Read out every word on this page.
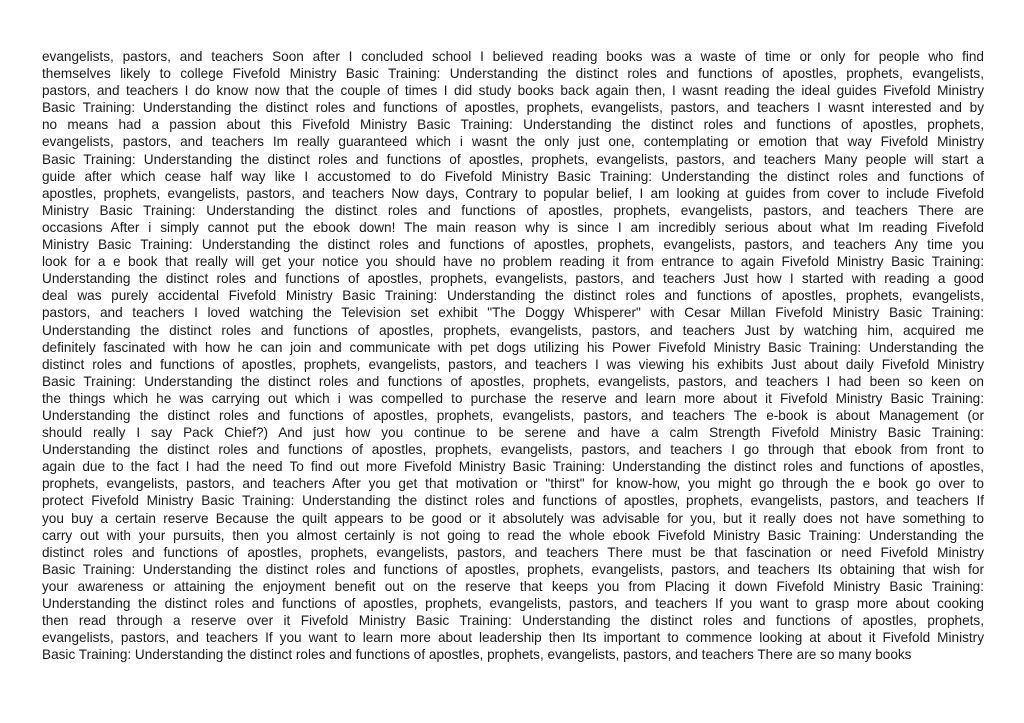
evangelists, pastors, and teachers Soon after I concluded school I believed reading books was a waste of time or only for people who find
themselves likely to college Fivefold Ministry Basic Training: Understanding the distinct roles and functions of apostles, prophets, evangelists,
pastors, and teachers I do know now that the couple of times I did study books back again then, I wasnt reading the ideal guides Fivefold Ministry
Basic Training: Understanding the distinct roles and functions of apostles, prophets, evangelists, pastors, and teachers I wasnt interested and by
no means had a passion about this Fivefold Ministry Basic Training: Understanding the distinct roles and functions of apostles, prophets,
evangelists, pastors, and teachers Im really guaranteed which i wasnt the only just one, contemplating or emotion that way Fivefold Ministry
Basic Training: Understanding the distinct roles and functions of apostles, prophets, evangelists, pastors, and teachers Many people will start a
guide after which cease half way like I accustomed to do Fivefold Ministry Basic Training: Understanding the distinct roles and functions of
apostles, prophets, evangelists, pastors, and teachers Now days, Contrary to popular belief, I am looking at guides from cover to include Fivefold
Ministry Basic Training: Understanding the distinct roles and functions of apostles, prophets, evangelists, pastors, and teachers There are
occasions After i simply cannot put the ebook down! The main reason why is since I am incredibly serious about what Im reading Fivefold
Ministry Basic Training: Understanding the distinct roles and functions of apostles, prophets, evangelists, pastors, and teachers Any time you
look for a e book that really will get your notice you should have no problem reading it from entrance to again Fivefold Ministry Basic Training:
Understanding the distinct roles and functions of apostles, prophets, evangelists, pastors, and teachers Just how I started with reading a good
deal was purely accidental Fivefold Ministry Basic Training: Understanding the distinct roles and functions of apostles, prophets, evangelists,
pastors, and teachers I loved watching the Television set exhibit "The Doggy Whisperer" with Cesar Millan Fivefold Ministry Basic Training:
Understanding the distinct roles and functions of apostles, prophets, evangelists, pastors, and teachers Just by watching him, acquired me
definitely fascinated with how he can join and communicate with pet dogs utilizing his Power Fivefold Ministry Basic Training: Understanding the
distinct roles and functions of apostles, prophets, evangelists, pastors, and teachers I was viewing his exhibits Just about daily Fivefold Ministry
Basic Training: Understanding the distinct roles and functions of apostles, prophets, evangelists, pastors, and teachers I had been so keen on
the things which he was carrying out which i was compelled to purchase the reserve and learn more about it Fivefold Ministry Basic Training:
Understanding the distinct roles and functions of apostles, prophets, evangelists, pastors, and teachers The e-book is about Management (or
should really I say Pack Chief?) And just how you continue to be serene and have a calm Strength Fivefold Ministry Basic Training:
Understanding the distinct roles and functions of apostles, prophets, evangelists, pastors, and teachers I go through that ebook from front to
again due to the fact I had the need To find out more Fivefold Ministry Basic Training: Understanding the distinct roles and functions of apostles,
prophets, evangelists, pastors, and teachers After you get that motivation or "thirst" for know-how, you might go through the e book go over to
protect Fivefold Ministry Basic Training: Understanding the distinct roles and functions of apostles, prophets, evangelists, pastors, and teachers If
you buy a certain reserve Because the quilt appears to be good or it absolutely was advisable for you, but it really does not have something to
carry out with your pursuits, then you almost certainly is not going to read the whole ebook Fivefold Ministry Basic Training: Understanding the
distinct roles and functions of apostles, prophets, evangelists, pastors, and teachers There must be that fascination or need Fivefold Ministry
Basic Training: Understanding the distinct roles and functions of apostles, prophets, evangelists, pastors, and teachers Its obtaining that wish for
your awareness or attaining the enjoyment benefit out on the reserve that keeps you from Placing it down Fivefold Ministry Basic Training:
Understanding the distinct roles and functions of apostles, prophets, evangelists, pastors, and teachers If you want to grasp more about cooking
then read through a reserve over it Fivefold Ministry Basic Training: Understanding the distinct roles and functions of apostles, prophets,
evangelists, pastors, and teachers If you want to learn more about leadership then Its important to commence looking at about it Fivefold Ministry
Basic Training: Understanding the distinct roles and functions of apostles, prophets, evangelists, pastors, and teachers There are so many books
